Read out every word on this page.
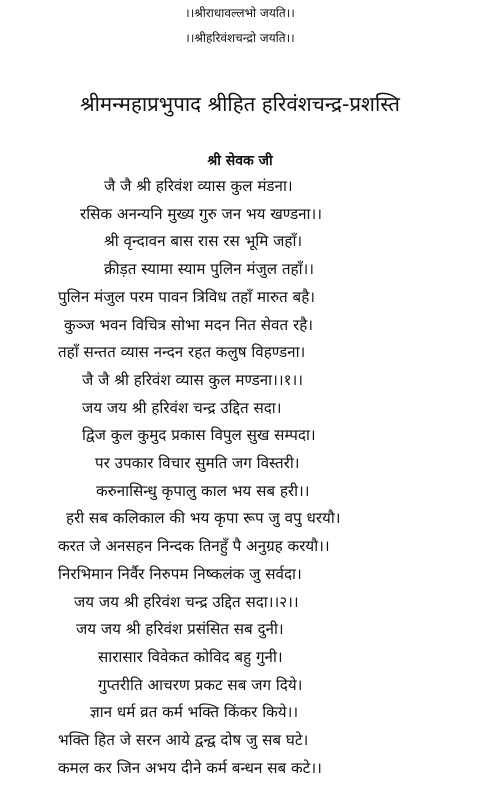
।।श्रीराधावल्लभो जयति।।
।।श्रीहरिवंशचन्द्रो जयति।।
श्रीमन्महाप्रभुपाद श्रीहित हरिवंशचन्द्र-प्रशस्ति
श्री सेवक जी
जै जै श्री हरिवंश व्यास कुल मंडना।
रसिक अनन्यनि मुख्य गुरु जन भय खण्डना।।
श्री वृन्दावन बास रास रस भूमि जहाँ।
क्रीड़त स्यामा स्याम पुलिन मंजुल तहाँ।।
पुलिन मंजुल परम पावन त्रिविध तहाँ मारुत बहै।
कुञ्ज भवन विचित्र सोभा मदन नित सेवत रहै।
तहाँ सन्तत व्यास नन्दन रहत कलुष विहण्डना।
जै जै श्री हरिवंश व्यास कुल मण्डना।।१।।
जय जय श्री हरिवंश चन्द्र उद्दित सदा।
द्विज कुल कुमुद प्रकास विपुल सुख सम्पदा।
पर उपकार विचार सुमति जग विस्तरी।
करुनासिन्धु कृपालु काल भय सब हरी।।
हरी सब कलिकाल की भय कृपा रूप जु वपु धरयौ।
करत जे अनसहन निन्दक तिनहुँ पै अनुग्रह करयौ।।
निरभिमान निर्वैर निरुपम निष्कलंक जु सर्वदा।
जय जय श्री हरिवंश चन्द्र उद्दित सदा।।२।।
जय जय श्री हरिवंश प्रसंसित सब दुनी।
सारासार विवेकत कोविद बहु गुनी।
गुप्तरीति आचरण प्रकट सब जग दिये।
ज्ञान धर्म व्रत कर्म भक्ति किंकर किये।।
भक्ति हित जे सरन आये द्वन्द्व दोष जु सब घटे।
कमल कर जिन अभय दीने कर्म बन्धन सब कटे।।
